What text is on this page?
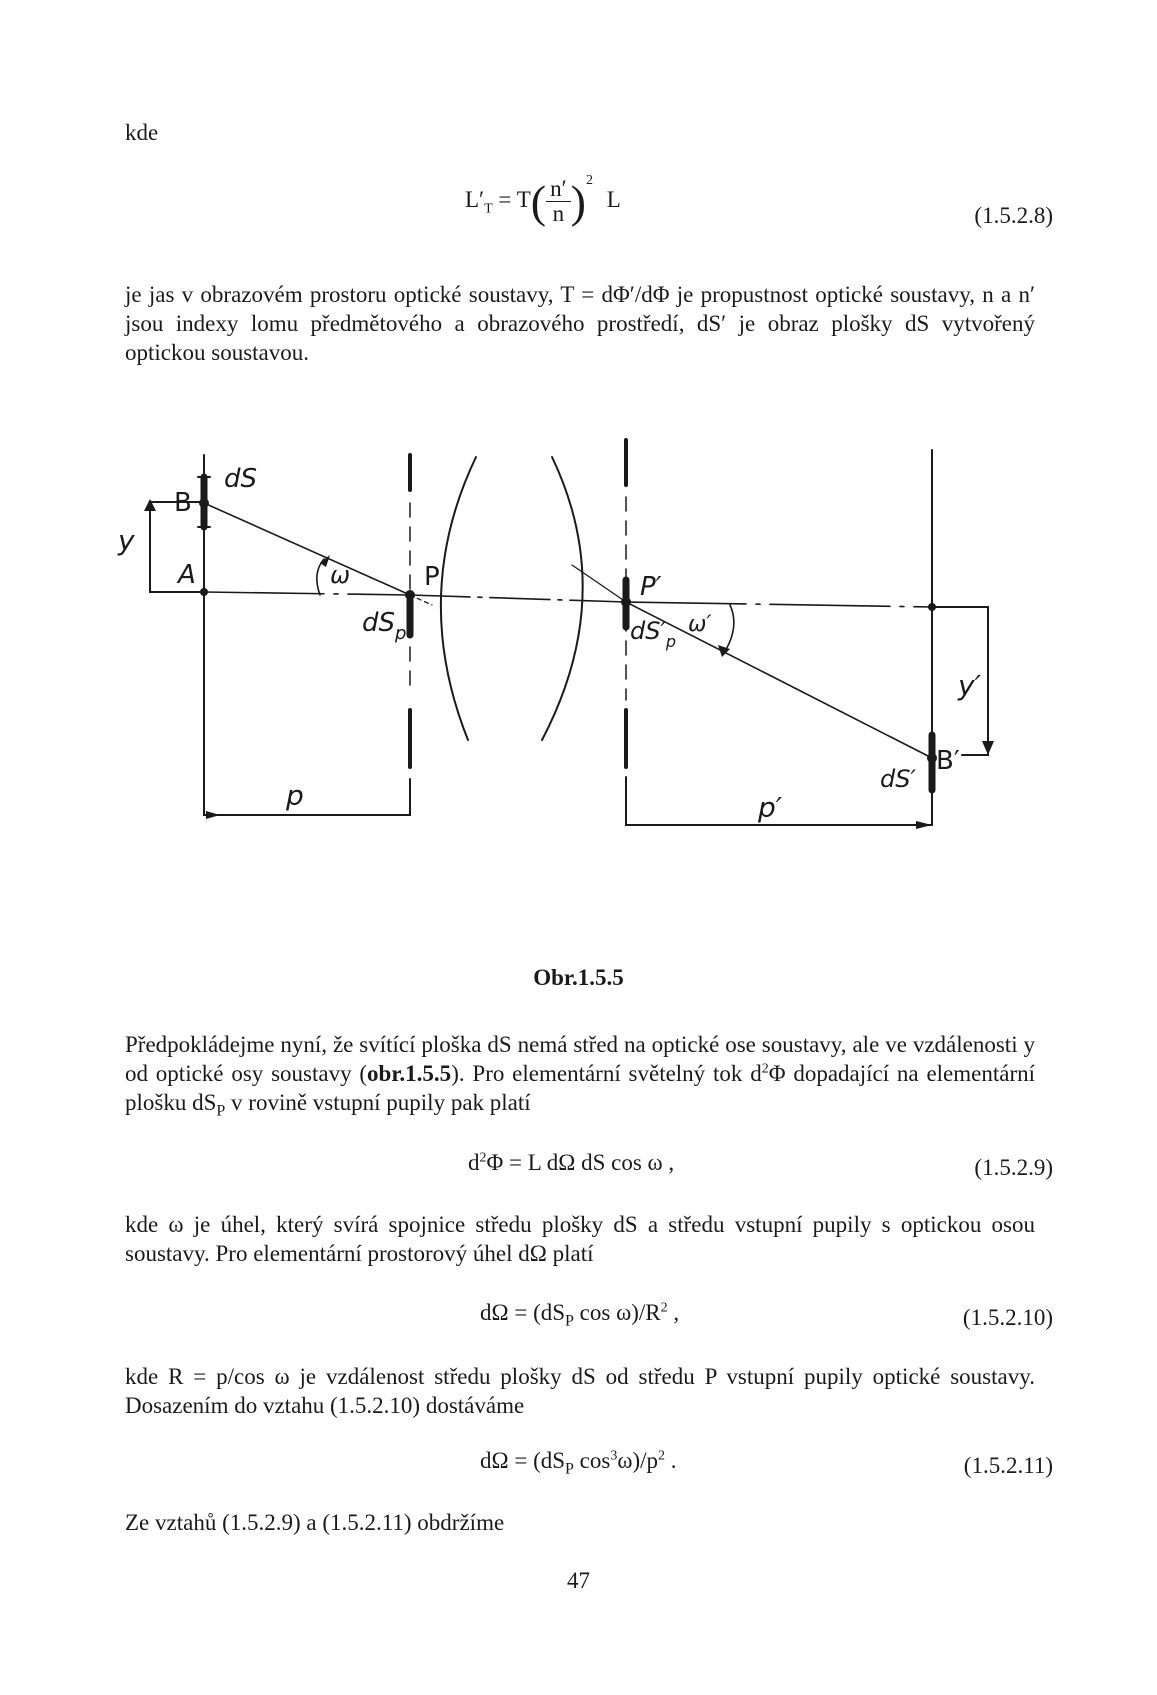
kde
$L'_T = T( \frac{n'}{n} )^2$ L
(1.5.2.8)
je jas v obrazovém prostoru optické soustavy, T = dΦ′/dΦ je propustnost optické soustavy, n a n′ jsou indexy lomu předmětového a obrazového prostředí, dS′ je obraz plošky dS vytvořený optickou soustavou.
dS
B
y
A	ω	P
$dS_p$
P′
$dS'_p$
ω′
y′
B′
dS′
p	p′
Obr.1.5.5
Předpokládejme nyní, že svítící ploška dS nemá střed na optické ose soustavy, ale ve vzdálenosti y od optické osy soustavy (obr.1.5.5). Pro elementární světelný tok $d^2\Phi$ dopadající na elementární plošku $dS_P$ v rovině vstupní pupily pak platí
$d^2\Phi = L$ dΩ dS cos ω ,	(1.5.2.9)
kde ω je úhel, který svírá spojnice středu plošky dS a středu vstupní pupily s optickou osou soustavy. Pro elementární prostorový úhel dΩ platí
$d\Omega = (dS_P$ $\cos \omega)/R^2$ ,	(1.5.2.10)
kde R = p/cos ω je vzdálenost středu plošky dS od středu P vstupní pupily optické soustavy. Dosazením do vztahu (1.5.2.10) dostáváme
$d\Omega = (dS_P$ $\cos^3\omega)/p^2$ .	(1.5.2.11)
Ze vztahů (1.5.2.9) a (1.5.2.11) obdržíme
47
